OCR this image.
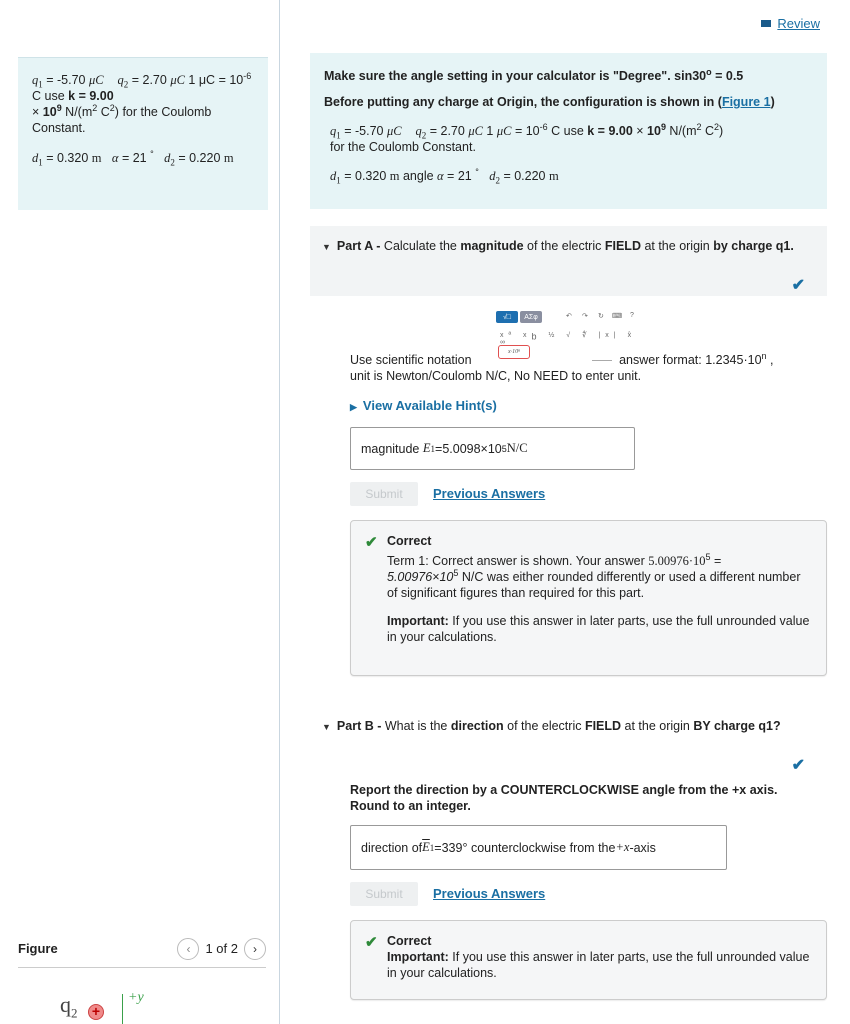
$q_1 = -5.70$ μC $q_2 = 2.70$ μC 1 $\mu C = 10^{-6}$ C use k = 9.00
× $10^9$ $N/(m^2$ $C^2$) for the Coulomb Constant.
$d_1 = 0.320$ m α = 21 ° $d_2 = 0.220$ m
Figure	‹	1 of 2	›
$q_2$ +
+y
Review
Make sure the angle setting in your calculator is "Degree". $\sin 30^o = 0.5$
Before putting any charge at Origin, the configuration is shown in (Figure 1)
$q_1 = -5.70$ μC $q_2 = 2.70$ μC 1 $\mu C = 10^{-6}$ C use $k = 9.00 \times 10^9$ $N/(m^2$ $C^2$)
for the Coulomb Constant.
$d_1 = 0.320$ m angle α = 21 ° $d_2 = 0.220$ m
▼ Part A - Calculate the magnitude of the electric FIELD at the origin by charge q1.
✔
√□	ΑΣφ	↶ ↷ ↻ ⌨ ?
xª $x_b$ ½ √ ∜ |x| x̂ ∞
x·10ⁿ
Use scientific notation	answer format: $1.2345\cdot 10^n$ ,
unit is Newton/Coulomb N/C, No NEED to enter unit.
▶ View Available Hint(s)
magnitude
E 1 = 5.0098×10 5 N/C
Submit	Previous Answers
✔ Correct
Term 1: Correct answer is shown. Your answer $5.00976\cdot 10^5$ =
$5.00976\times 10^5$ N/C was either rounded differently or used a different number of significant figures than required for this part.
Important: If you use this answer in later parts, use the full unrounded value in your calculations.
▼ Part B - What is the direction of the electric FIELD at the origin BY charge q1?
✔
Report the direction by a COUNTERCLOCKWISE angle from the +x axis.
Round to an integer.
direction of $\overline{E}$ 1 = 339 ° counterclockwise from the +x -axis
Submit	Previous Answers
✔ Correct
Important: If you use this answer in later parts, use the full unrounded value in your calculations.
